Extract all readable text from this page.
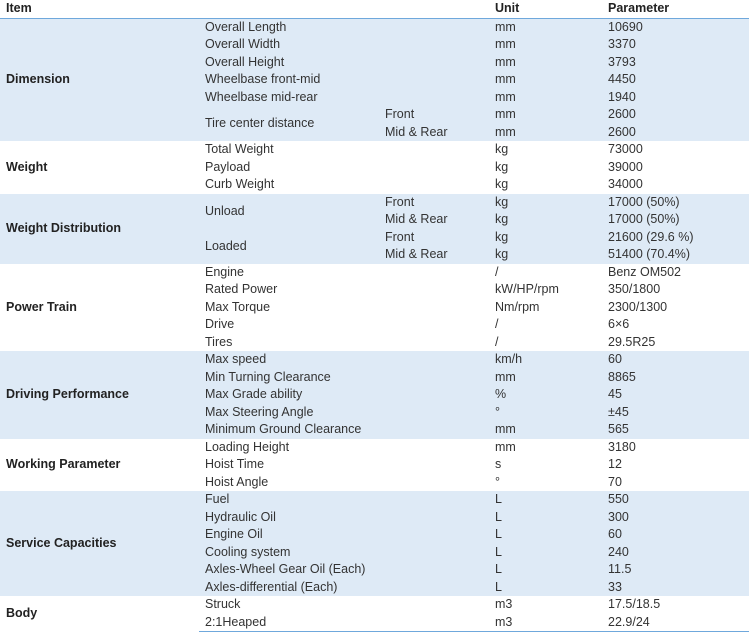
Item			Unit	Parameter
Dimension	Overall Length		mm	10690
	Overall Width		mm	3370
	Overall Height		mm	3793
	Wheelbase front-mid		mm	4450
	Wheelbase mid-rear		mm	1940
	Tire center distance	Front	mm	2600
		Mid & Rear	mm	2600
Weight	Total Weight		kg	73000
	Payload		kg	39000
	Curb Weight		kg	34000
Weight Distribution	Unload	Front	kg	17000 (50%)
		Mid & Rear	kg	17000 (50%)
	Loaded	Front	kg	21600 (29.6 %)
		Mid & Rear	kg	51400 (70.4%)
Power Train	Engine		/	Benz OM502
	Rated Power		kW/HP/rpm	350/1800
	Max Torque		Nm/rpm	2300/1300
	Drive		/	6×6
	Tires		/	29.5R25
Driving Performance	Max speed		km/h	60
	Min Turning Clearance		mm	8865
	Max Grade ability		%	45
	Max Steering Angle		°	±45
	Minimum Ground Clearance		mm	565
Working Parameter	Loading Height		mm	3180
	Hoist Time		s	12
	Hoist Angle		°	70
Service Capacities	Fuel		L	550
	Hydraulic Oil		L	300
	Engine Oil		L	60
	Cooling system		L	240
	Axles-Wheel Gear Oil (Each)		L	11.5
	Axles-differential (Each)		L	33
Body	Struck		m3	17.5/18.5
	2:1Heaped		m3	22.9/24
